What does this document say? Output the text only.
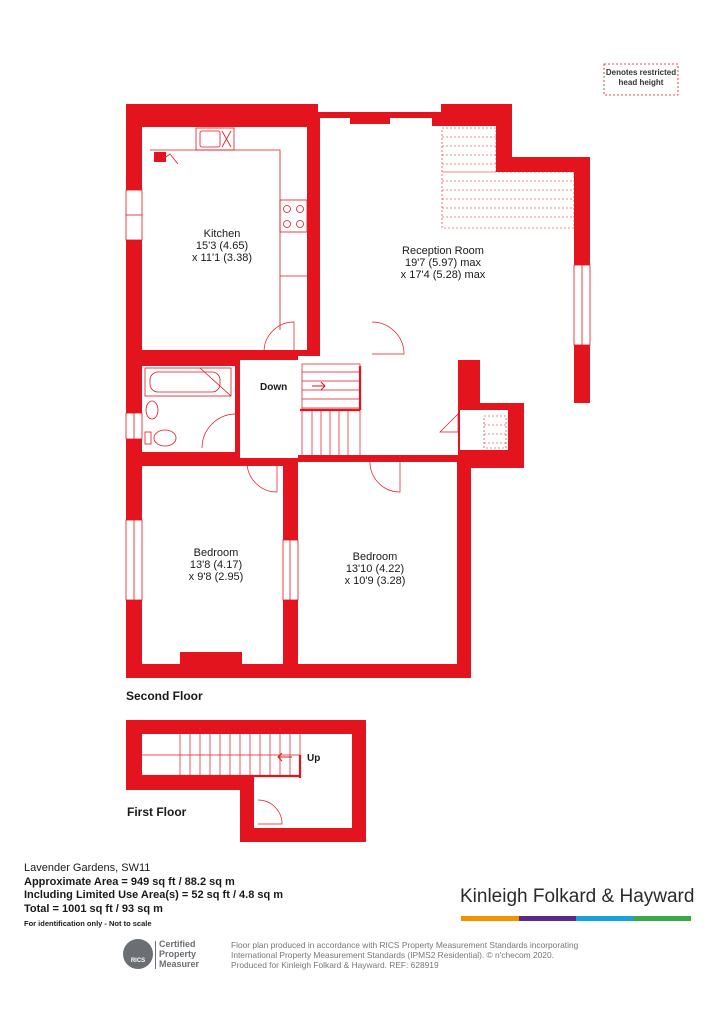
Denotes restricted
head height
Kitchen
15'3 (4.65)
x 11'1 (3.38)
Reception Room
19'7 (5.97) max
x 17'4 (5.28) max
Bedroom
13'8 (4.17)
x 9'8 (2.95)
Bedroom
13'10 (4.22)
x 10'9 (3.28)
Down
Second Floor
Up
First Floor
Lavender Gardens, SW11
Approximate Area = 949 sq ft / 88.2 sq m
Including Limited Use Area(s) = 52 sq ft / 4.8 sq m
Total = 1001 sq ft / 93 sq m
For identification only - Not to scale
Kinleigh Folkard & Hayward
RICS
Certified
Property
Measurer
Floor plan produced in accordance with RICS Property Measurement Standards incorporating
International Property Measurement Standards (IPMS2 Residential). © n'checom 2020.
Produced for Kinleigh Folkard & Hayward. REF: 628919
